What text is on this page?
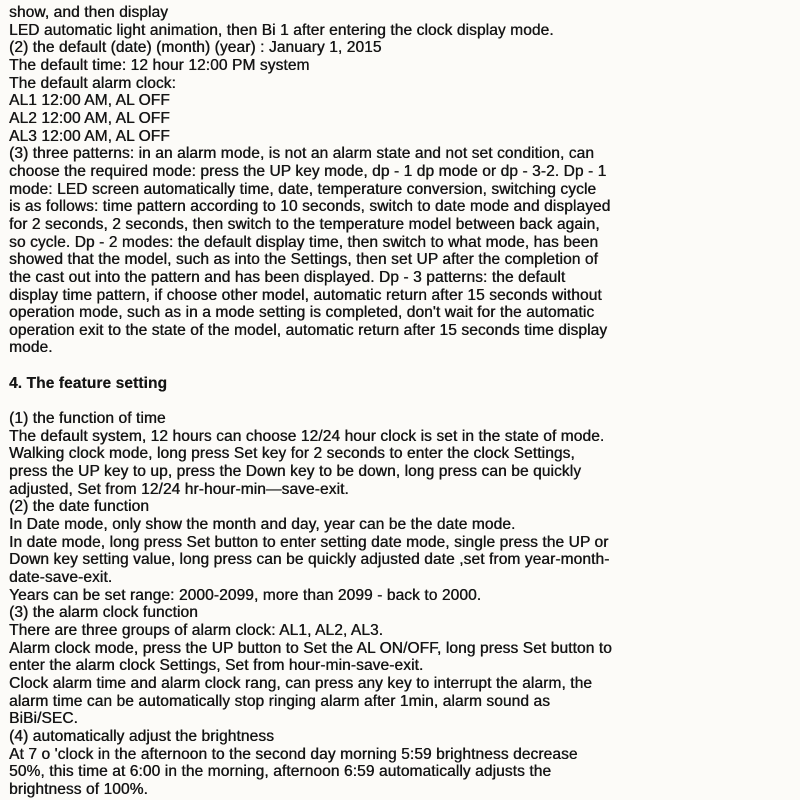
show, and then display
LED automatic light animation, then Bi 1 after entering the clock display mode.
(2) the default (date) (month) (year) : January 1, 2015
The default time: 12 hour 12:00 PM system
The default alarm clock:
AL1 12:00 AM, AL OFF
AL2 12:00 AM, AL OFF
AL3 12:00 AM, AL OFF
(3) three patterns: in an alarm mode, is not an alarm state and not set condition, can
choose the required mode: press the UP key mode, dp - 1 dp mode or dp - 3-2. Dp - 1
mode: LED screen automatically time, date, temperature conversion, switching cycle
is as follows: time pattern according to 10 seconds, switch to date mode and displayed
for 2 seconds, 2 seconds, then switch to the temperature model between back again,
so cycle. Dp - 2 modes: the default display time, then switch to what mode, has been
showed that the model, such as into the Settings, then set UP after the completion of
the cast out into the pattern and has been displayed. Dp - 3 patterns: the default
display time pattern, if choose other model, automatic return after 15 seconds without
operation mode, such as in a mode setting is completed, don't wait for the automatic
operation exit to the state of the model, automatic return after 15 seconds time display
mode.
4. The feature setting
(1) the function of time
The default system, 12 hours can choose 12/24 hour clock is set in the state of mode.
Walking clock mode, long press Set key for 2 seconds to enter the clock Settings,
press the UP key to up, press the Down key to be down, long press can be quickly
adjusted, Set from 12/24 hr-hour-min—save-exit.
(2) the date function
In Date mode, only show the month and day, year can be the date mode.
In date mode, long press Set button to enter setting date mode, single press the UP or
Down key setting value, long press can be quickly adjusted date ,set from year-month-
date-save-exit.
Years can be set range: 2000-2099, more than 2099 - back to 2000.
(3) the alarm clock function
There are three groups of alarm clock: AL1, AL2, AL3.
Alarm clock mode, press the UP button to Set the AL ON/OFF, long press Set button to
enter the alarm clock Settings, Set from hour-min-save-exit.
Clock alarm time and alarm clock rang, can press any key to interrupt the alarm, the
alarm time can be automatically stop ringing alarm after 1min, alarm sound as
BiBi/SEC.
(4) automatically adjust the brightness
At 7 o 'clock in the afternoon to the second day morning 5:59 brightness decrease
50%, this time at 6:00 in the morning, afternoon 6:59 automatically adjusts the
brightness of 100%.
